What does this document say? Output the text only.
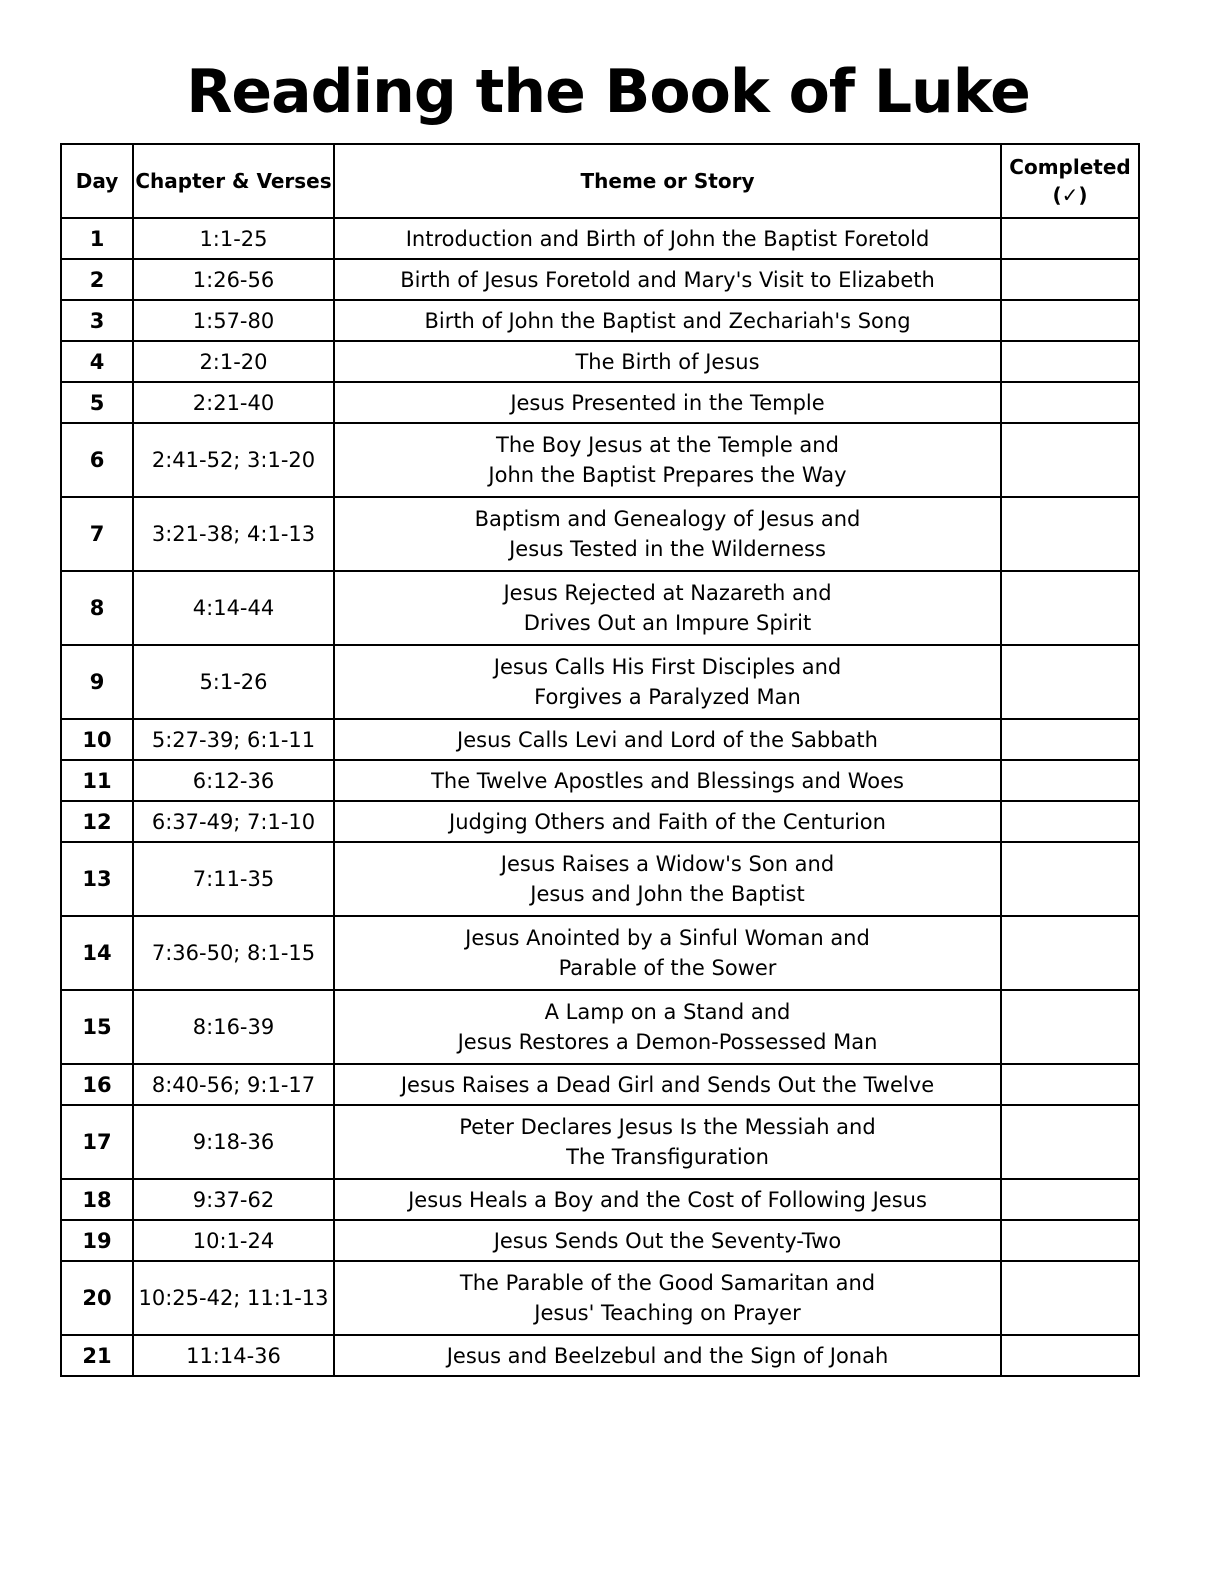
Reading the Book of Luke
Day	Chapter & Verses	Theme or Story	Completed
(✓)

1	1:1-25	Introduction and Birth of John the Baptist Foretold	

2	1:26-56	Birth of Jesus Foretold and Mary's Visit to Elizabeth	

3	1:57-80	Birth of John the Baptist and Zechariah's Song	

4	2:1-20	The Birth of Jesus	

5	2:21-40	Jesus Presented in the Temple	

6	2:41-52; 3:1-20	The Boy Jesus at the Temple and
John the Baptist Prepares the Way	

7	3:21-38; 4:1-13	Baptism and Genealogy of Jesus and
Jesus Tested in the Wilderness	

8	4:14-44	Jesus Rejected at Nazareth and
Drives Out an Impure Spirit	

9	5:1-26	Jesus Calls His First Disciples and
Forgives a Paralyzed Man	

10	5:27-39; 6:1-11	Jesus Calls Levi and Lord of the Sabbath	

11	6:12-36	The Twelve Apostles and Blessings and Woes	

12	6:37-49; 7:1-10	Judging Others and Faith of the Centurion	

13	7:11-35	Jesus Raises a Widow's Son and
Jesus and John the Baptist	

14	7:36-50; 8:1-15	Jesus Anointed by a Sinful Woman and
Parable of the Sower	

15	8:16-39	A Lamp on a Stand and
Jesus Restores a Demon-Possessed Man	

16	8:40-56; 9:1-17	Jesus Raises a Dead Girl and Sends Out the Twelve	

17	9:18-36	Peter Declares Jesus Is the Messiah and
The Transfiguration	

18	9:37-62	Jesus Heals a Boy and the Cost of Following Jesus	

19	10:1-24	Jesus Sends Out the Seventy-Two	

20	10:25-42; 11:1-13	The Parable of the Good Samaritan and
Jesus' Teaching on Prayer	

21	11:14-36	Jesus and Beelzebul and the Sign of Jonah	
